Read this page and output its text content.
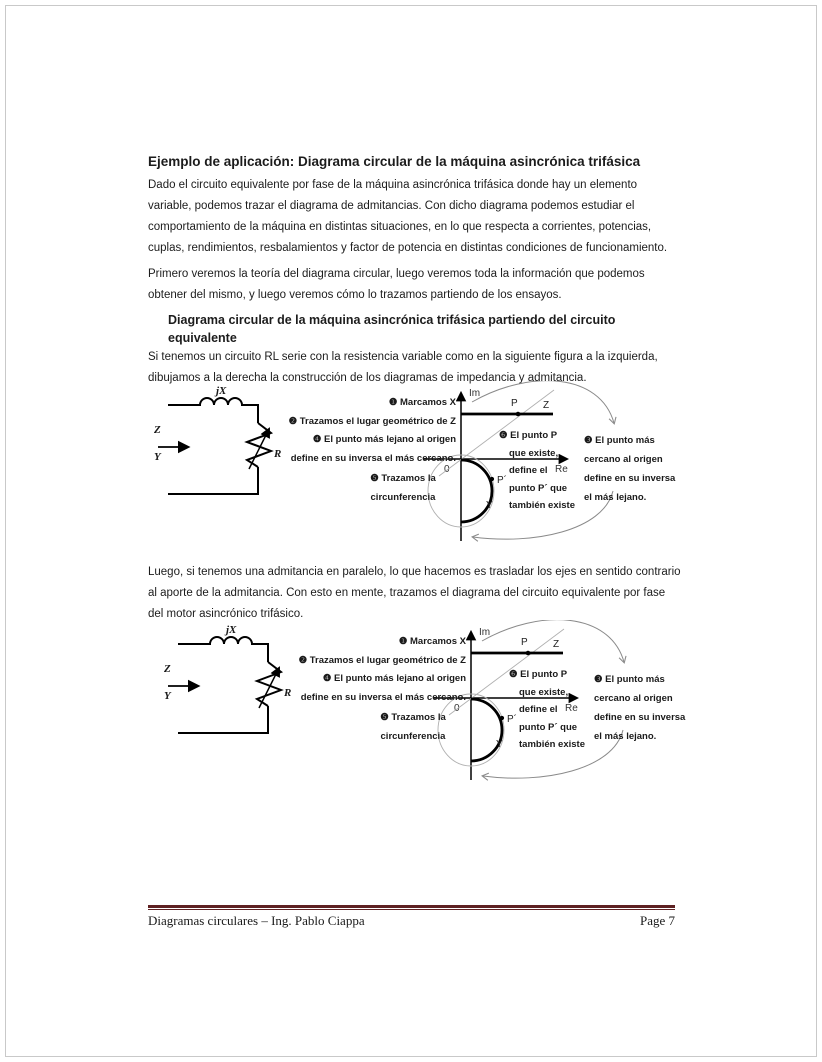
Ejemplo de aplicación: Diagrama circular de la máquina asincrónica trifásica
Dado el circuito equivalente por fase de la máquina asincrónica trifásica donde hay un elemento
variable, podemos trazar el diagrama de admitancias. Con dicho diagrama podemos estudiar el
comportamiento de la máquina en distintas situaciones, en lo que respecta a corrientes, potencias,
cuplas, rendimientos, resbalamientos y factor de potencia en distintas condiciones de funcionamiento.
Primero veremos la teoría del diagrama circular, luego veremos toda la información que podemos
obtener del mismo, y luego veremos cómo lo trazamos partiendo de los ensayos.
Diagrama circular de la máquina asincrónica trifásica partiendo del circuito
equivalente
Si tenemos un circuito RL serie con la resistencia variable como en la siguiente figura a la izquierda,
dibujamos a la derecha la construcción de los diagramas de impedancia y admitancia.
jX
Z
Y	R
Im
Re
0
P
P´
Z
Y
❶ Marcamos X
❷ Trazamos el lugar geométrico de Z
❹ El punto más lejano al origen
define en su inversa el más cercano.
❺ Trazamos la
circunferencia
❻ El punto P
que existe,
define el
punto P´ que
también existe
❸ El punto más
cercano al origen
define en su inversa
el más lejano.
Luego, si tenemos una admitancia en paralelo, lo que hacemos es trasladar los ejes en sentido contrario
al aporte de la admitancia. Con esto en mente, trazamos el diagrama del circuito equivalente por fase
del motor asincrónico trifásico.
jX
Z
Y	R
Im
Re
0
P
P´
Z
Y
❶ Marcamos X
❷ Trazamos el lugar geométrico de Z
❹ El punto más lejano al origen
define en su inversa el más cercano.
❺ Trazamos la
circunferencia
❻ El punto P
que existe,
define el
punto P´ que
también existe
❸ El punto más
cercano al origen
define en su inversa
el más lejano.
Diagramas circulares – Ing. Pablo Ciappa	Page 7
